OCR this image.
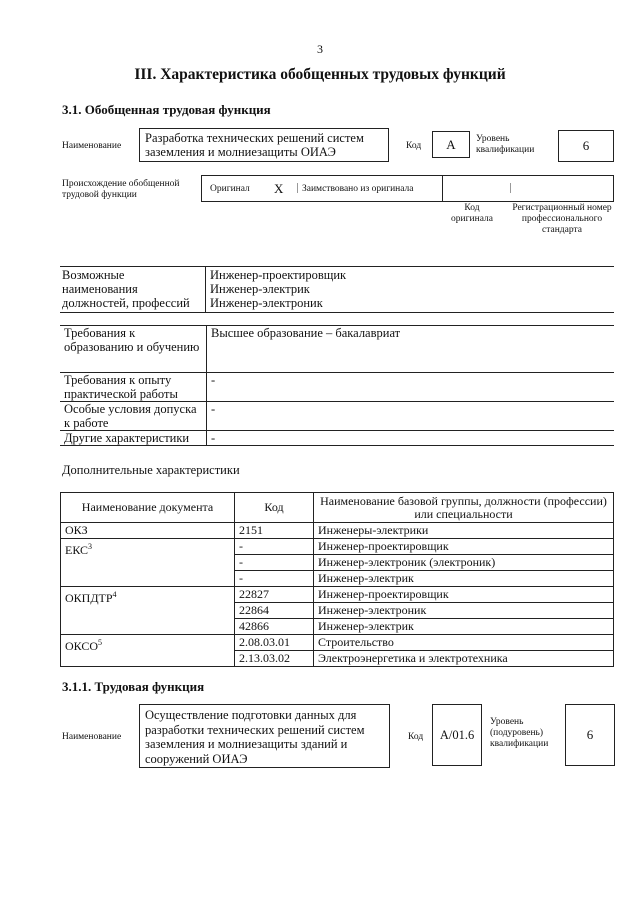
3
III. Характеристика обобщенных трудовых функций
3.1. Обобщенная трудовая функция
Наименование
Разработка технических решений систем заземления и молниезащиты ОИАЭ	Код	A	Уровень квалификации	6
Происхождение обобщенной трудовой функции
Оригинал X Заимствовано из оригинала
Код оригинала
Регистрационный номер профессионального стандарта
Возможные наименования должностей, профессий
Инженер-проектировщик
Инженер-электрик
Инженер-электроник
Требования к образованию и обучению	Высшее образование – бакалавриат
Требования к опыту практической работы	-
Особые условия допуска к работе	-
Другие характеристики	-
Дополнительные характеристики
Наименование документа	Код	Наименование базовой группы, должности (профессии) или специальности
ОКЗ	2151	Инженеры-электрики
ЕКС$^3$	-	Инженер-проектировщик
	-	Инженер-электроник (электроник)
	-	Инженер-электрик
ОКПДТР$^4$	22827	Инженер-проектировщик
	22864	Инженер-электроник
	42866	Инженер-электрик
ОКСО$^5$	2.08.03.01	Строительство
	2.13.03.02	Электроэнергетика и электротехника
3.1.1. Трудовая функция
Наименование
Осуществление подготовки данных для разработки технических решений систем заземления и молниезащиты зданий и сооружений ОИАЭ
Код	A/01.6
Уровень (подуровень) квалификации
6
